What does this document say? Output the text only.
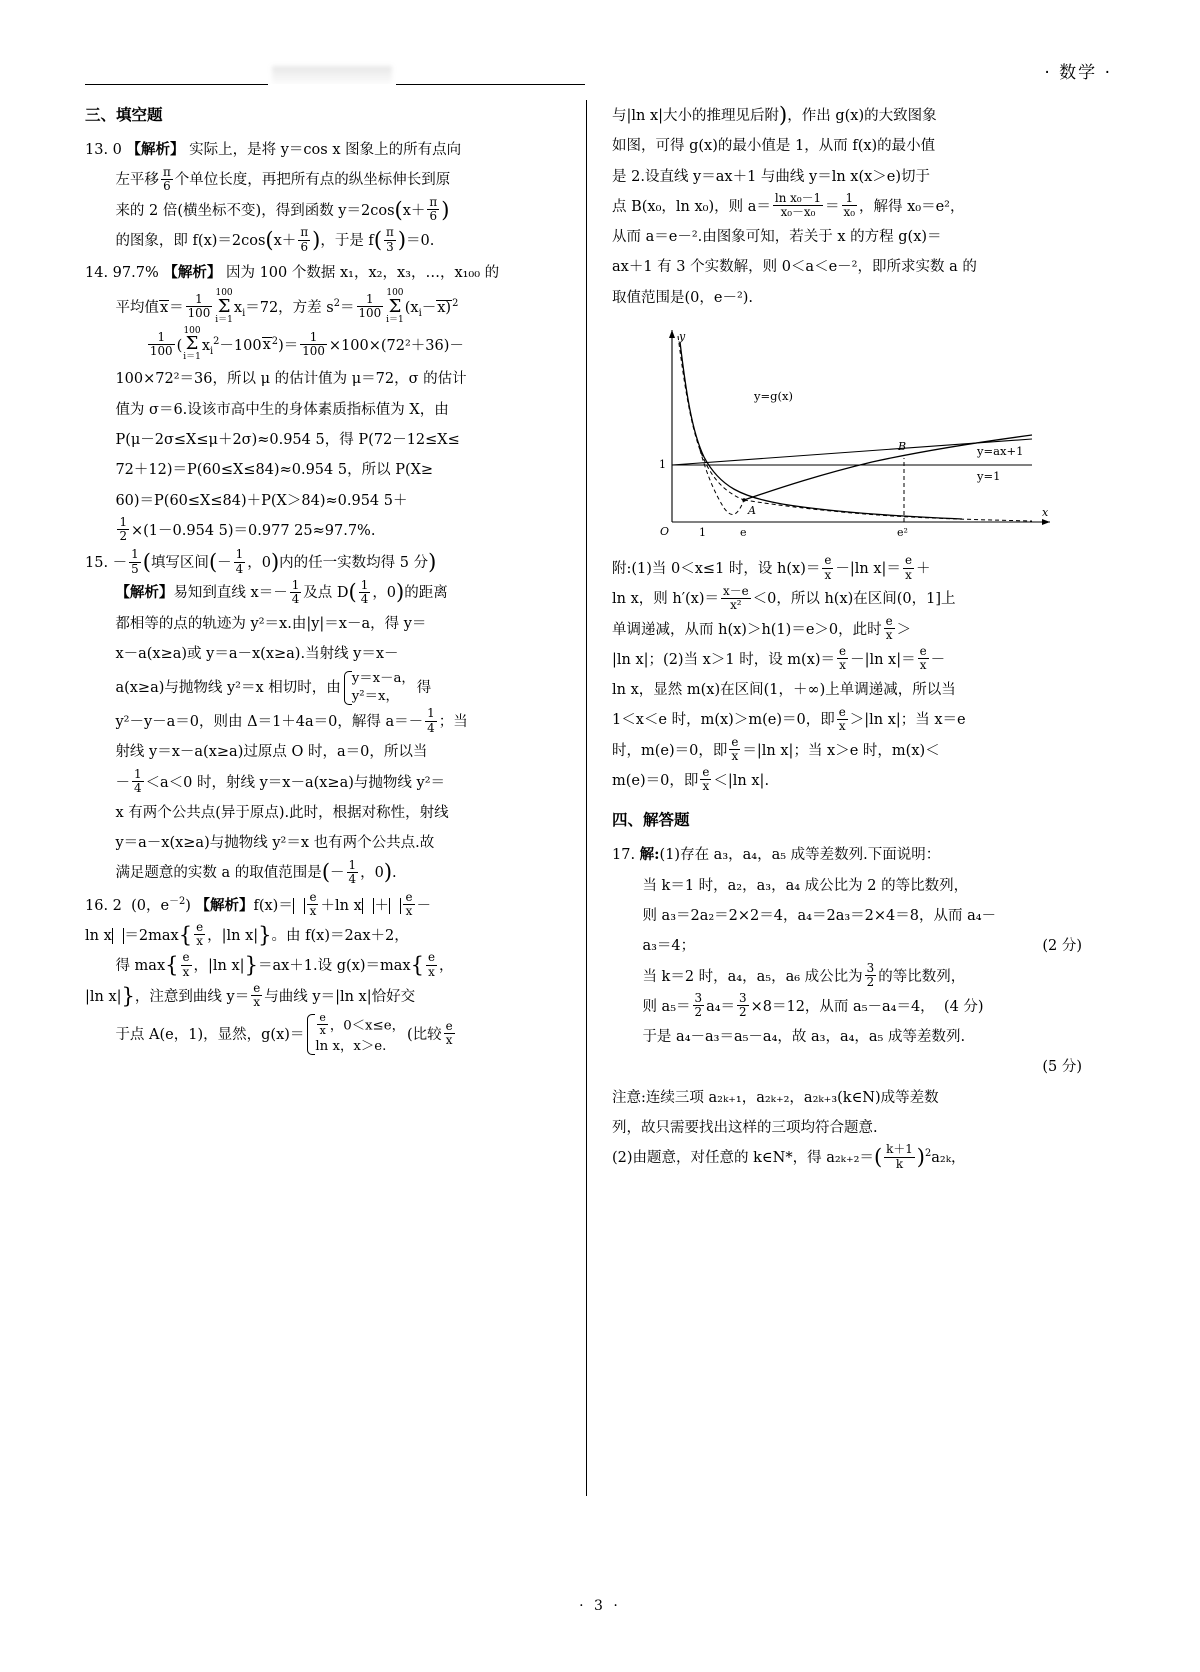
· 数学 ·
三、填空题
13. 0 【解析】 实际上，是将 y＝cos x 图象上的所有点向
左平移 $\frac{\pi}{6}$ 个单位长度，再把所有点的纵坐标伸长到原
来的 2 倍(横坐标不变)，得到函数 $y=2\cos(x+ \frac{\pi}{6}$ )
的图象，即 $f(x)=2\cos(x+ \frac{\pi}{6}$ )，于是 $f( \frac{\pi}{3} )=0$.
14. 97.7% 【解析】 因为 100 个数据 x₁，x₂，x₃，…，x₁₀₀ 的
平均值$x= \frac{1}{100}$
100
Σ
i＝1
$x_i=72$，方差 $s^2= \frac{1}{100}$
100
Σ
i＝1
$(x_i-x)^2$
$\frac{1}{100}$ (
100
Σ
i＝1
$x_i^2-100x^2)= \frac{1}{100} \times 100\times(72^2+36)-$
100×72²＝36，所以 μ 的估计值为 μ＝72，σ 的估计
值为 σ＝6.设该市高中生的身体素质指标值为 X，由
P(μ－2σ≤X≤μ＋2σ)≈0.954 5，得 P(72－12≤X≤
72＋12)＝P(60≤X≤84)≈0.954 5，所以 P(X≥
60)＝P(60≤X≤84)＋P(X＞84)≈0.954 5＋
$\frac{1}{2} \times(1-0.954$ 5)＝0.977 25≈97.7%.
15. － $\frac{1}{5}$ (填写区间(－ $\frac{1}{4}$ ，0)内的任一实数均得 5 分)
【解析】易知到直线 $x=- \frac{1}{4}$ 及点 $D( \frac{1}{4}$ ，0)的距离
都相等的点的轨迹为 y²＝x.由|y|＝x－a，得 y＝
x－a(x≥a)或 y＝a－x(x≥a).当射线 y＝x－
a(x≥a)与抛物线 y²＝x 相切时，由
y＝x－a，
y²＝x，
得
y²－y－a＝0，则由 Δ＝1＋4a＝0，解得 $a=- \frac{1}{4}$ ；当
射线 y＝x－a(x≥a)过原点 O 时，a＝0，所以当
－ $\frac{1}{4} <a<0$ 时，射线 y＝x－a(x≥a)与抛物线 y²＝
x 有两个公共点(异于原点).此时，根据对称性，射线
y＝a－x(x≥a)与抛物线 y²＝x 也有两个公共点.故
满足题意的实数 a 的取值范围是(－ $\frac{1}{4}$ ，0).
16. 2 (0，$e^{-2}$) 【解析】$f(x)= \frac{e}{x} +\ln$ $x + \frac{e}{x}$ －
$\ln x =2\max\{ \frac{e}{x}$ ，|ln x|}。由 f(x)＝2ax＋2，
得 $\max\{ \frac{e}{x}$ ，|ln x|}＝ax＋1.设 $g(x)=\max\{ \frac{e}{x}$ ，
|ln x|}，注意到曲线 $y= \frac{e}{x}$ 与曲线 y＝|ln x|恰好交
于点 A(e，1)，显然，$g(x)= \frac{e}{x}$ ，0＜x≤e，
ln x，x＞e.
(比较 $\frac{e}{x}$
与|ln x|大小的推理见后附)，作出 g(x)的大致图象
如图，可得 g(x)的最小值是 1，从而 f(x)的最小值
是 2.设直线 y＝ax＋1 与曲线 y＝ln x(x＞e)切于
点 B(x₀，ln x₀)，则 $a= \frac{\text{ln x₀－1}}{\text{x₀－x₀}} = \frac{1}{\text{x₀}}$ ，解得 x₀＝e²，
从而 a＝e－².由图象可知，若关于 x 的方程 g(x)＝
ax＋1 有 3 个实数解，则 0＜a＜e－²，即所求实数 a 的
取值范围是(0，e－²).
y
x
O	1	e	e²
1
A
B
y=g(x)
y=ax+1
y=1
附:(1)当 0＜x≤1 时，设 $h(x)= \frac{e}{x} -|\ln$ $x|= \frac{e}{x}$ ＋
ln x，则 $h'(x)= \frac{x-e}{\text{x²}} <0$，所以 h(x)在区间(0，1]上
单调递减，从而 h(x)＞h(1)＝e＞0，此时 $\frac{e}{x}$ ＞
|ln x|；(2)当 x＞1 时，设 $m(x)= \frac{e}{x} -|\ln$ $x|= \frac{e}{x}$ －
ln x，显然 m(x)在区间(1，＋∞)上单调递减，所以当
1＜x＜e 时，m(x)＞m(e)＝0，即 $\frac{e}{x} >|\ln$ x|；当 x＝e
时，m(e)＝0，即 $\frac{e}{x} =|\ln$ x|；当 x＞e 时，m(x)＜
m(e)＝0，即 $\frac{e}{x} <|\ln$ x|.
四、解答题
17. 解:(1)存在 a₃，a₄，a₅ 成等差数列.下面说明：
当 k＝1 时，a₂，a₃，a₄ 成公比为 2 的等比数列，
则 a₃＝2a₂＝2×2＝4，a₄＝2a₃＝2×4＝8，从而 a₄－
a₃＝4；	(2 分)
当 k＝2 时，a₄，a₅，a₆ 成公比为 $\frac{3}{2}$ 的等比数列，
则 $a_5= \frac{3}{2} a_4= \frac{3}{2} \times 8=12$，从而 a₅－a₄＝4， (4 分)
于是 a₄－a₃＝a₅－a₄，故 a₃，a₄，a₅ 成等差数列.
(5 分)
注意:连续三项 a₂ₖ₊₁，a₂ₖ₊₂，a₂ₖ₊₃(k∈N)成等差数
列，故只需要找出这样的三项均符合题意.
(2)由题意，对任意的 k∈N*，得 $a_{2k+2}=( \frac{k+1}{k} )^2a_{2k}$，
· 3 ·
